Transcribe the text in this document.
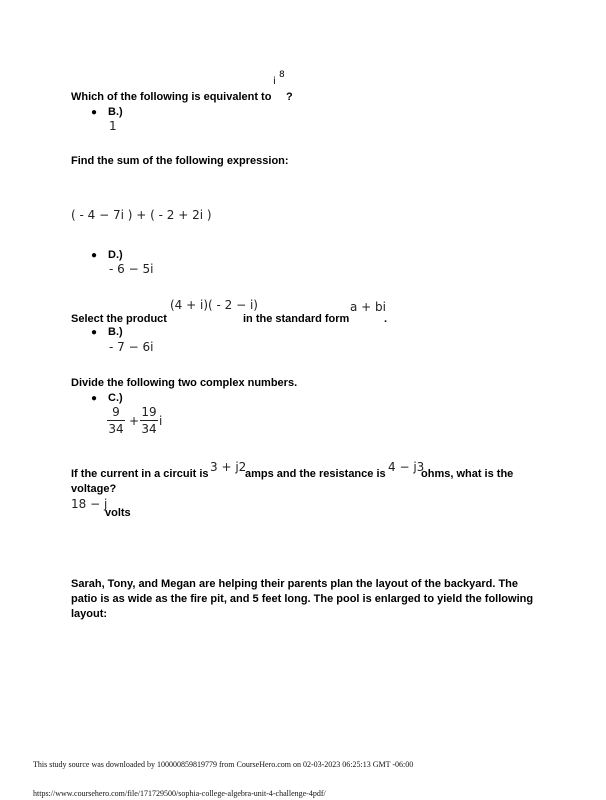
i
8
Which of the following is equivalent to ?
● B.)
1
Find the sum of the following expression:
( - 4 − 7i ) + ( - 2 + 2i )
● D.)
- 6 − 5i
(4 + i)( - 2 − i)	a + bi
Select the product	in the standard form	.
● B.)
- 7 − 6i
Divide the following two complex numbers.
● C.)
9
34
+
19
34
i
3 + j2	4 − j3
If the current in a circuit is	amps and the resistance is	ohms, what is the
voltage?
18 − j
volts
Sarah, Tony, and Megan are helping their parents plan the layout of the backyard. The
patio is as wide as the fire pit, and 5 feet long. The pool is enlarged to yield the following
layout:
This study source was downloaded by 100000859819779 from CourseHero.com on 02-03-2023 06:25:13 GMT -06:00
https://www.coursehero.com/file/171729500/sophia-college-algebra-unit-4-challenge-4pdf/
